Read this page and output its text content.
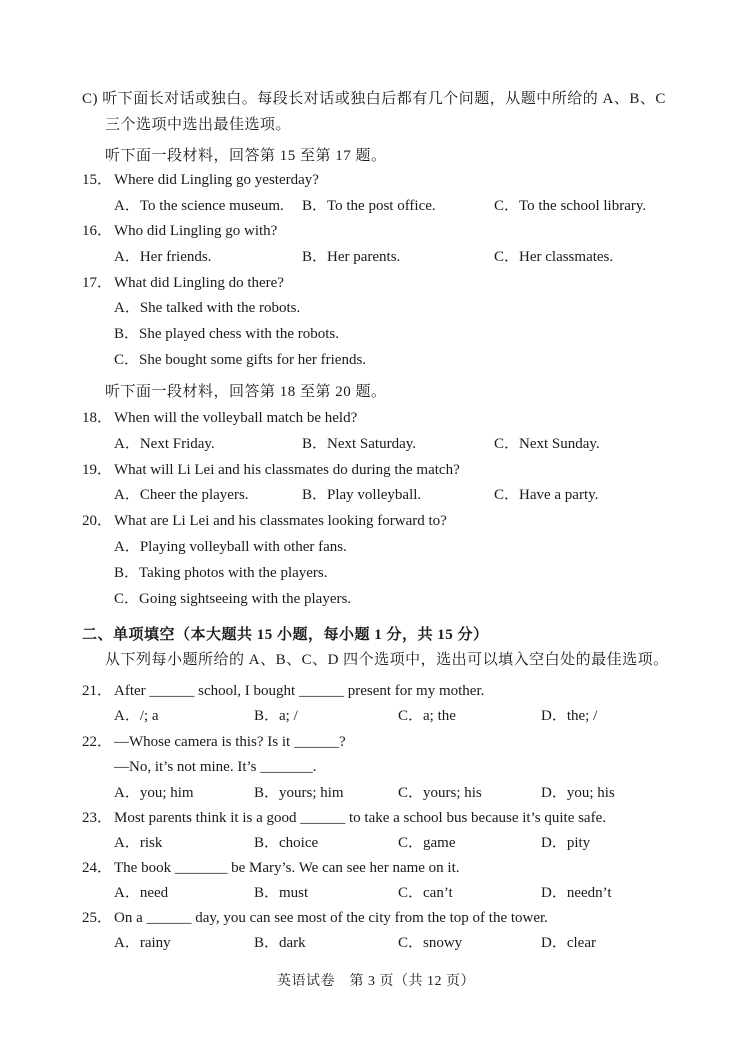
C) 听下面长对话或独白。每段长对话或独白后都有几个问题，从题中所给的 A、B、C
三个选项中选出最佳选项。
听下面一段材料，回答第 15 至第 17 题。
15． Where did Lingling go yesterday?
A．To the science museum. B．To the post office.	C．To the school library.
16． Who did Lingling go with?
A．Her friends.	B．Her parents.	C．Her classmates.
17． What did Lingling do there?
A．She talked with the robots.
B．She played chess with the robots.
C．She bought some gifts for her friends.
听下面一段材料，回答第 18 至第 20 题。
18． When will the volleyball match be held?
A．Next Friday.	B．Next Saturday.	C．Next Sunday.
19． What will Li Lei and his classmates do during the match?
A．Cheer the players.	B．Play volleyball.	C．Have a party.
20． What are Li Lei and his classmates looking forward to?
A．Playing volleyball with other fans.
B．Taking photos with the players.
C．Going sightseeing with the players.
二、单项填空（本大题共 15 小题，每小题 1 分，共 15 分）
从下列每小题所给的 A、B、C、D 四个选项中，选出可以填入空白处的最佳选项。
21． After ______ school, I bought ______ present for my mother.
A．/; a	B．a; /	C．a; the	D．the; /
22． —Whose camera is this? Is it ______?
—No, it’s not mine. It’s _______.
A．you; him	B．yours; him	C．yours; his	D．you; his
23． Most parents think it is a good ______ to take a school bus because it’s quite safe.
A．risk	B．choice	C．game	D．pity
24． The book _______ be Mary’s. We can see her name on it.
A．need	B．must	C．can’t	D．needn’t
25． On a ______ day, you can see most of the city from the top of the tower.
A．rainy	B．dark	C．snowy	D．clear
英语试卷　第 3 页（共 12 页）
